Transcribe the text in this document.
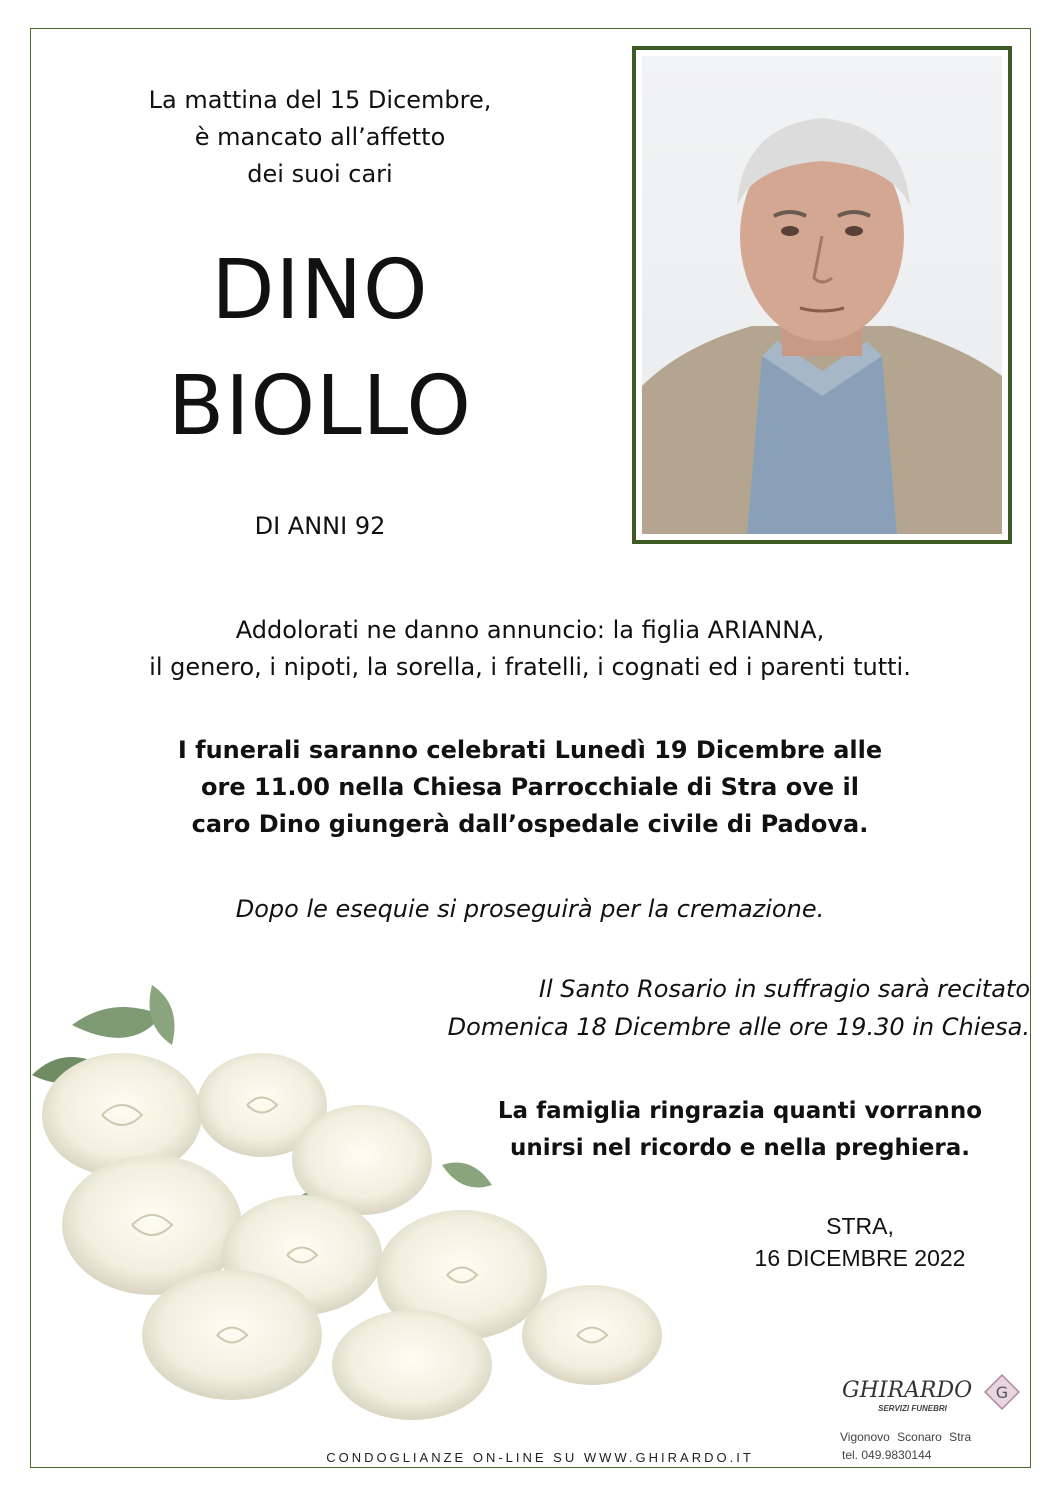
La mattina del 15 Dicembre,
è mancato all’affetto
dei suoi cari
DINO
BIOLLO
DI ANNI 92
Addolorati ne danno annuncio: la figlia ARIANNA,
il genero, i nipoti, la sorella, i fratelli, i cognati ed i parenti tutti.
I funerali saranno celebrati Lunedì 19 Dicembre alle
ore 11.00 nella Chiesa Parrocchiale di Stra ove il
caro Dino giungerà dall’ospedale civile di Padova.
Dopo le esequie si proseguirà per la cremazione.
Il Santo Rosario in suffragio sarà recitato
Domenica 18 Dicembre alle ore 19.30 in Chiesa.
La famiglia ringrazia quanti vorranno
unirsi nel ricordo e nella preghiera.
STRA,
16 DICEMBRE 2022
GHIRARDO
SERVIZI FUNEBRI
G
Vigonovo Sconaro Stra
tel. 049.9830144
CONDOGLIANZE ON-LINE SU WWW.GHIRARDO.IT
